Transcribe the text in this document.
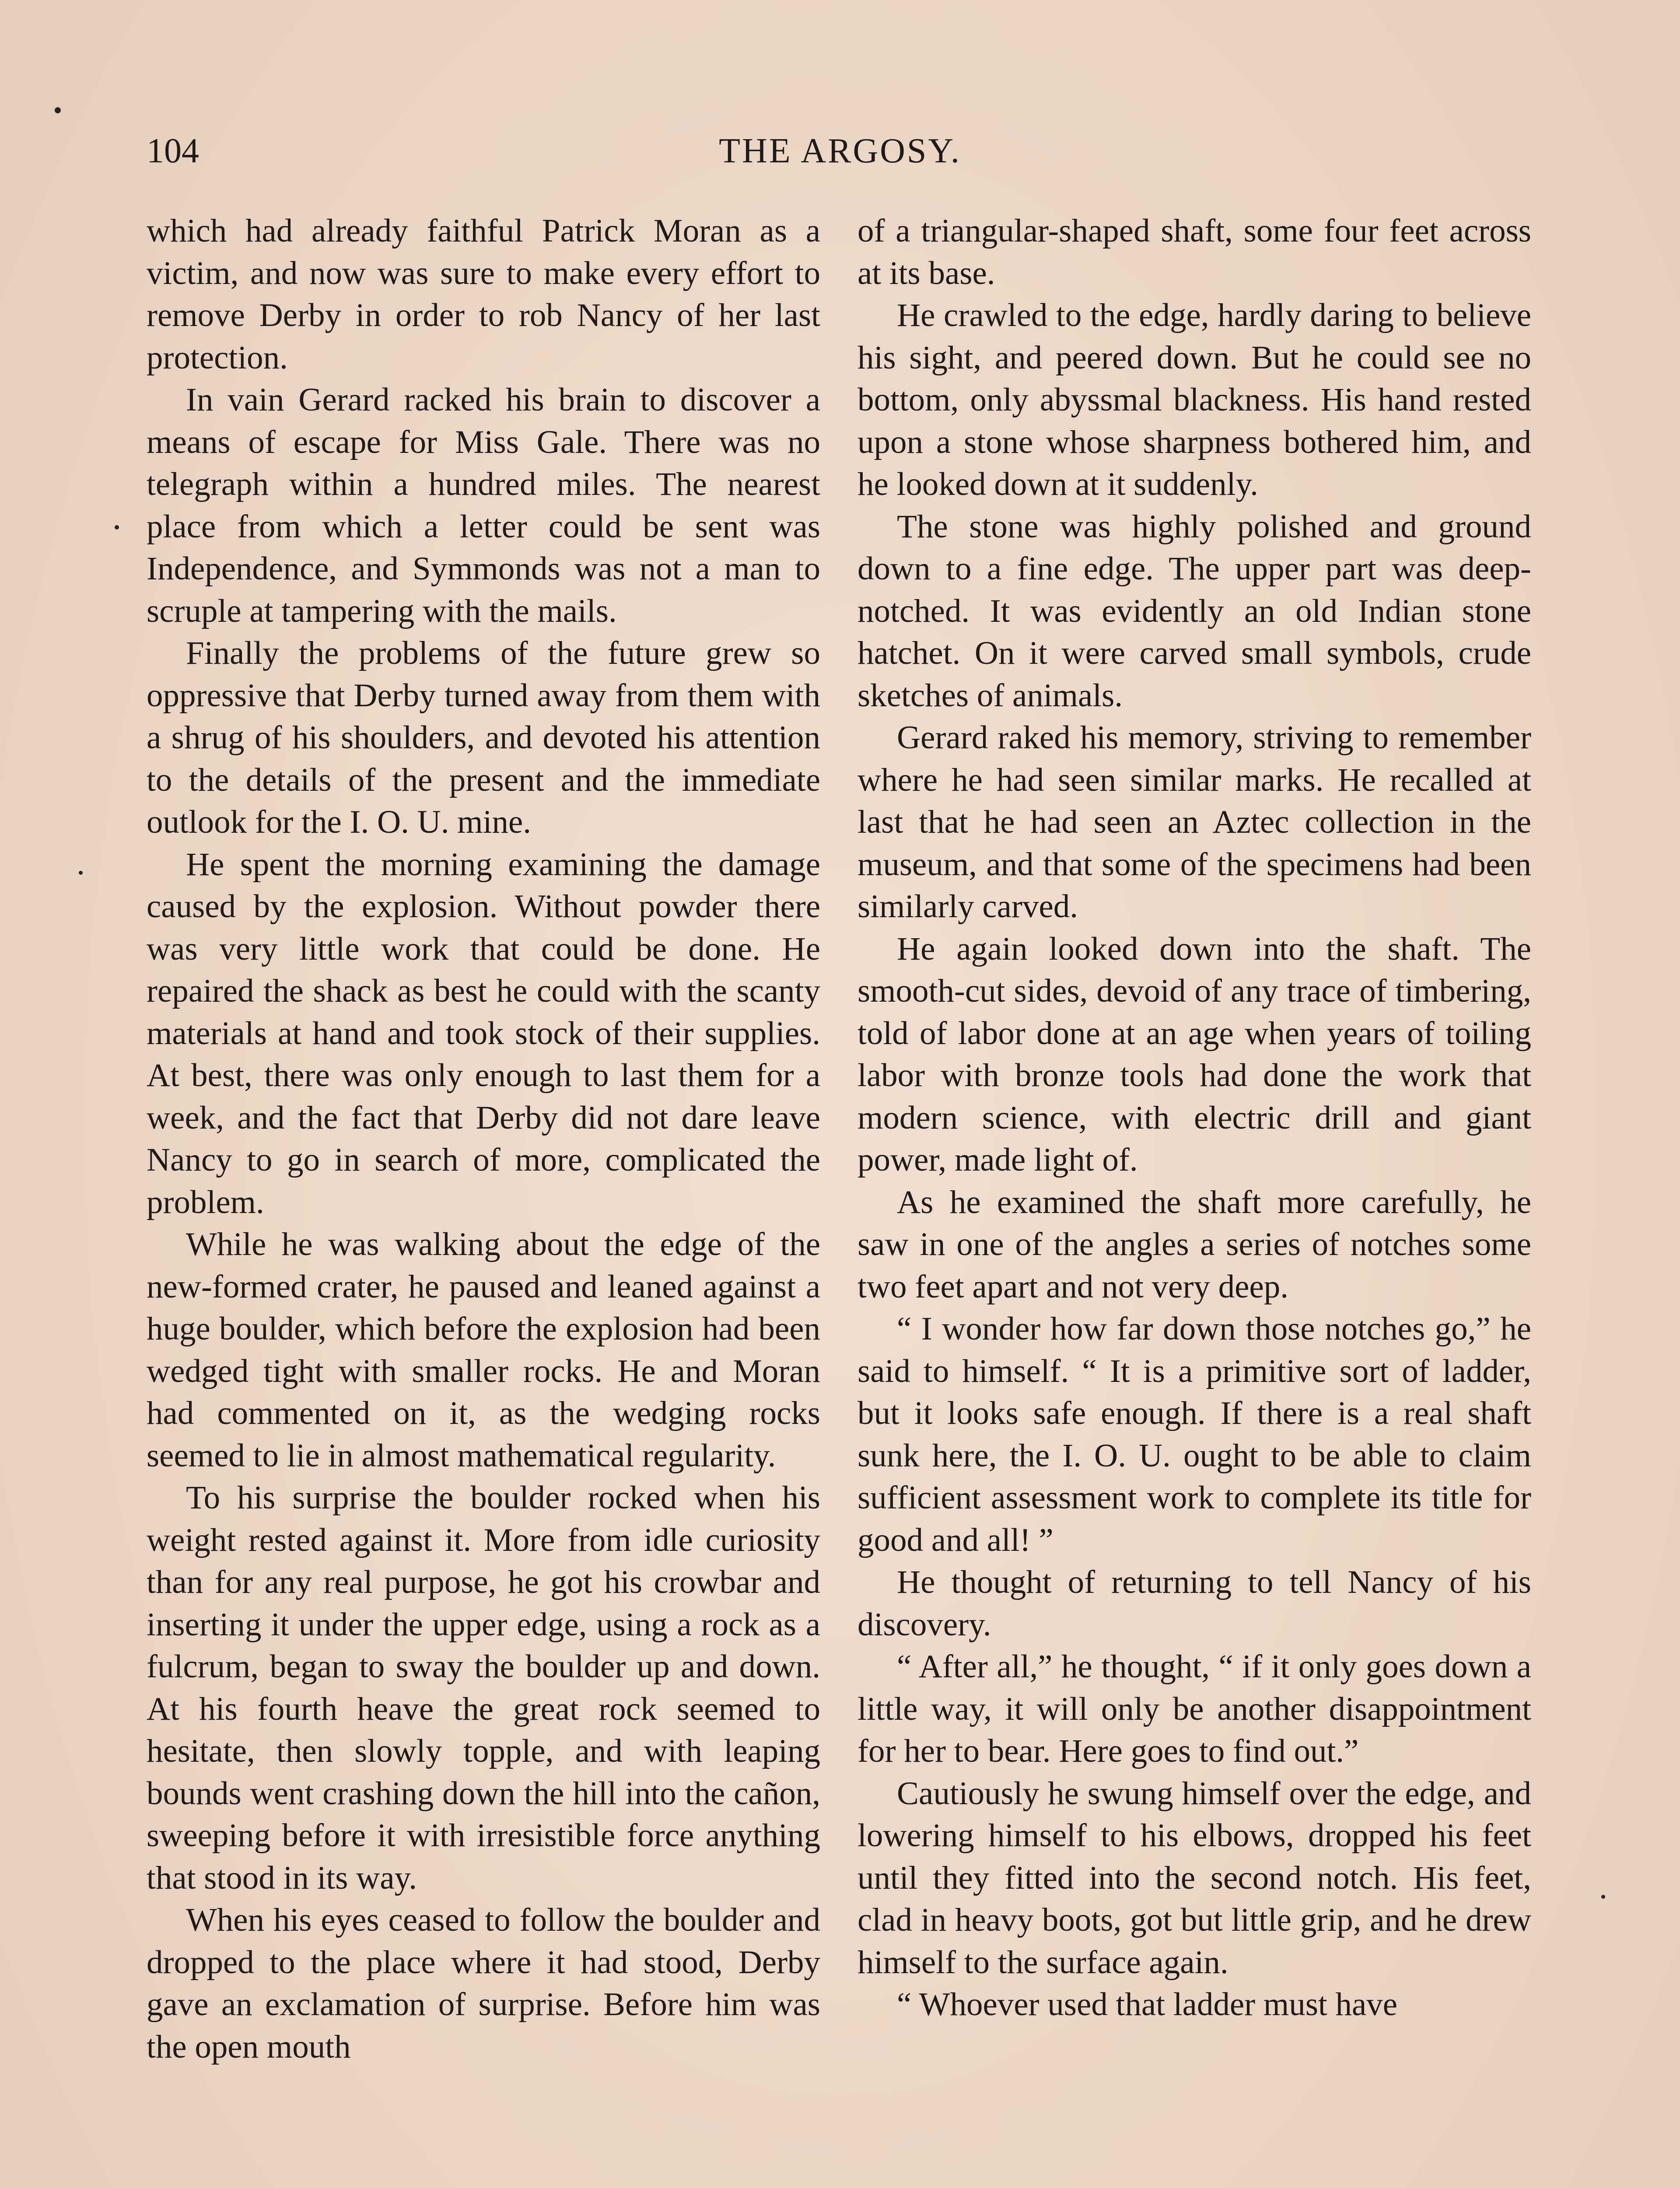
104	THE ARGOSY.

which had already faithful Patrick Moran as a victim, and now was sure to make every effort to remove Derby in order to rob Nancy of her last protection.

In vain Gerard racked his brain to discover a means of escape for Miss Gale. There was no telegraph within a hundred miles. The nearest place from which a letter could be sent was Independence, and Symmonds was not a man to scruple at tampering with the mails.

Finally the problems of the future grew so oppressive that Derby turned away from them with a shrug of his shoulders, and devoted his attention to the details of the present and the immediate outlook for the I. O. U. mine.

He spent the morning examining the damage caused by the explosion. Without powder there was very little work that could be done. He repaired the shack as best he could with the scanty materials at hand and took stock of their supplies. At best, there was only enough to last them for a week, and the fact that Derby did not dare leave Nancy to go in search of more, complicated the problem.

While he was walking about the edge of the new-formed crater, he paused and leaned against a huge boulder, which before the explosion had been wedged tight with smaller rocks. He and Moran had commented on it, as the wedging rocks seemed to lie in almost mathematical regularity.

To his surprise the boulder rocked when his weight rested against it. More from idle curiosity than for any real purpose, he got his crowbar and inserting it under the upper edge, using a rock as a fulcrum, began to sway the boulder up and down. At his fourth heave the great rock seemed to hesitate, then slowly topple, and with leaping bounds went crashing down the hill into the cañon, sweeping before it with irresistible force anything that stood in its way.

When his eyes ceased to follow the boulder and dropped to the place where it had stood, Derby gave an exclamation of surprise. Before him was the open mouth

of a triangular-shaped shaft, some four feet across at its base.

He crawled to the edge, hardly daring to believe his sight, and peered down. But he could see no bottom, only abyssmal blackness. His hand rested upon a stone whose sharpness bothered him, and he looked down at it suddenly.

The stone was highly polished and ground down to a fine edge. The upper part was deep-notched. It was evidently an old Indian stone hatchet. On it were carved small symbols, crude sketches of animals.

Gerard raked his memory, striving to remember where he had seen similar marks. He recalled at last that he had seen an Aztec collection in the museum, and that some of the specimens had been similarly carved.

He again looked down into the shaft. The smooth-cut sides, devoid of any trace of timbering, told of labor done at an age when years of toiling labor with bronze tools had done the work that modern science, with electric drill and giant power, made light of.

As he examined the shaft more carefully, he saw in one of the angles a series of notches some two feet apart and not very deep.

“ I wonder how far down those notches go,” he said to himself. “ It is a primitive sort of ladder, but it looks safe enough. If there is a real shaft sunk here, the I. O. U. ought to be able to claim sufficient assessment work to complete its title for good and all! ”

He thought of returning to tell Nancy of his discovery.

“ After all,” he thought, “ if it only goes down a little way, it will only be another disappointment for her to bear. Here goes to find out.”

Cautiously he swung himself over the edge, and lowering himself to his elbows, dropped his feet until they fitted into the second notch. His feet, clad in heavy boots, got but little grip, and he drew himself to the surface again.

“ Whoever used that ladder must have
